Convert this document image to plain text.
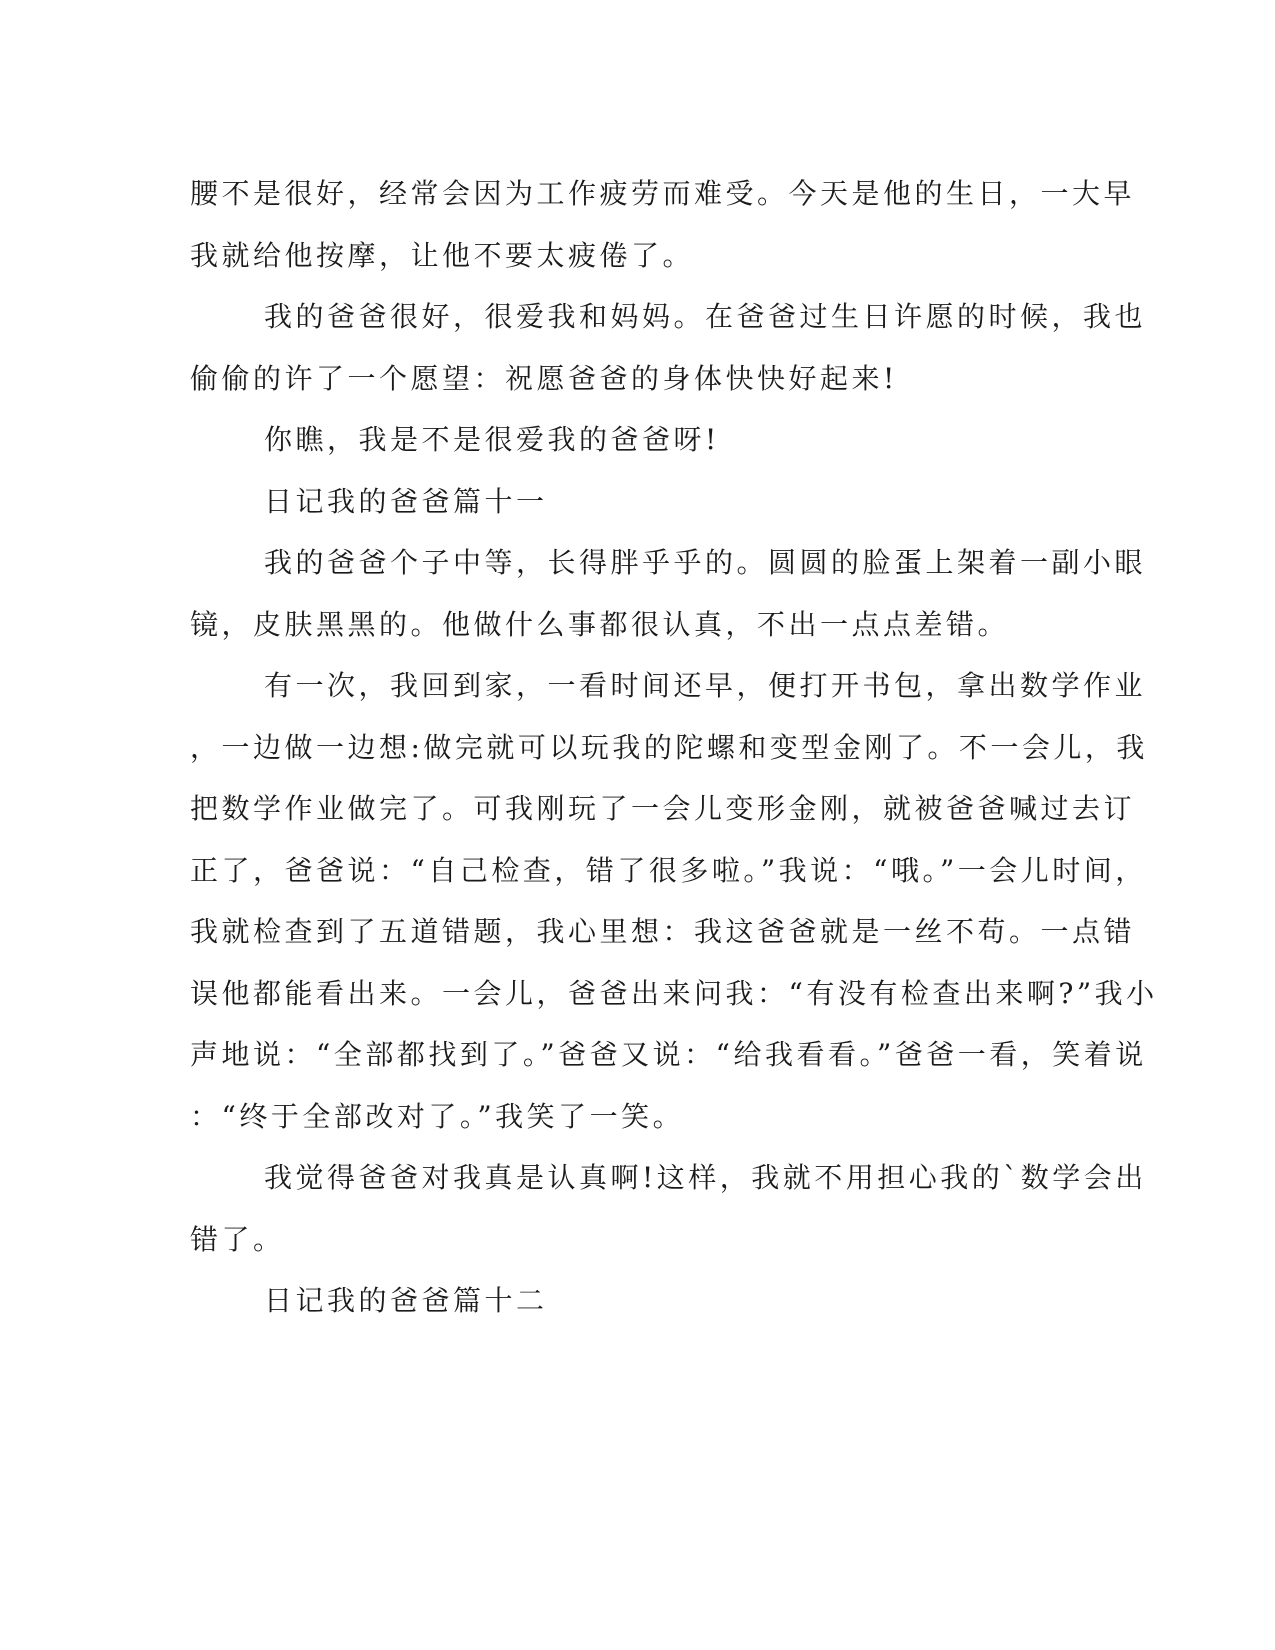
腰不是很好，经常会因为工作疲劳而难受。今天是他的生日，一大早
我就给他按摩，让他不要太疲倦了。
我的爸爸很好，很爱我和妈妈。在爸爸过生日许愿的时候，我也
偷偷的许了一个愿望：祝愿爸爸的身体快快好起来!
你瞧，我是不是很爱我的爸爸呀!
日记我的爸爸篇十一
我的爸爸个子中等，长得胖乎乎的。圆圆的脸蛋上架着一副小眼
镜，皮肤黑黑的。他做什么事都很认真，不出一点点差错。
有一次，我回到家，一看时间还早，便打开书包，拿出数学作业
，一边做一边想:做完就可以玩我的陀螺和变型金刚了。不一会儿，我
把数学作业做完了。可我刚玩了一会儿变形金刚，就被爸爸喊过去订
正了，爸爸说：“自己检查，错了很多啦。”我说：“哦。”一会儿时间，
我就检查到了五道错题，我心里想：我这爸爸就是一丝不苟。一点错
误他都能看出来。一会儿，爸爸出来问我：“有没有检查出来啊?”我小
声地说：“全部都找到了。”爸爸又说：“给我看看。”爸爸一看，笑着说
：“终于全部改对了。”我笑了一笑。
我觉得爸爸对我真是认真啊!这样，我就不用担心我的`数学会出
错了。
日记我的爸爸篇十二
